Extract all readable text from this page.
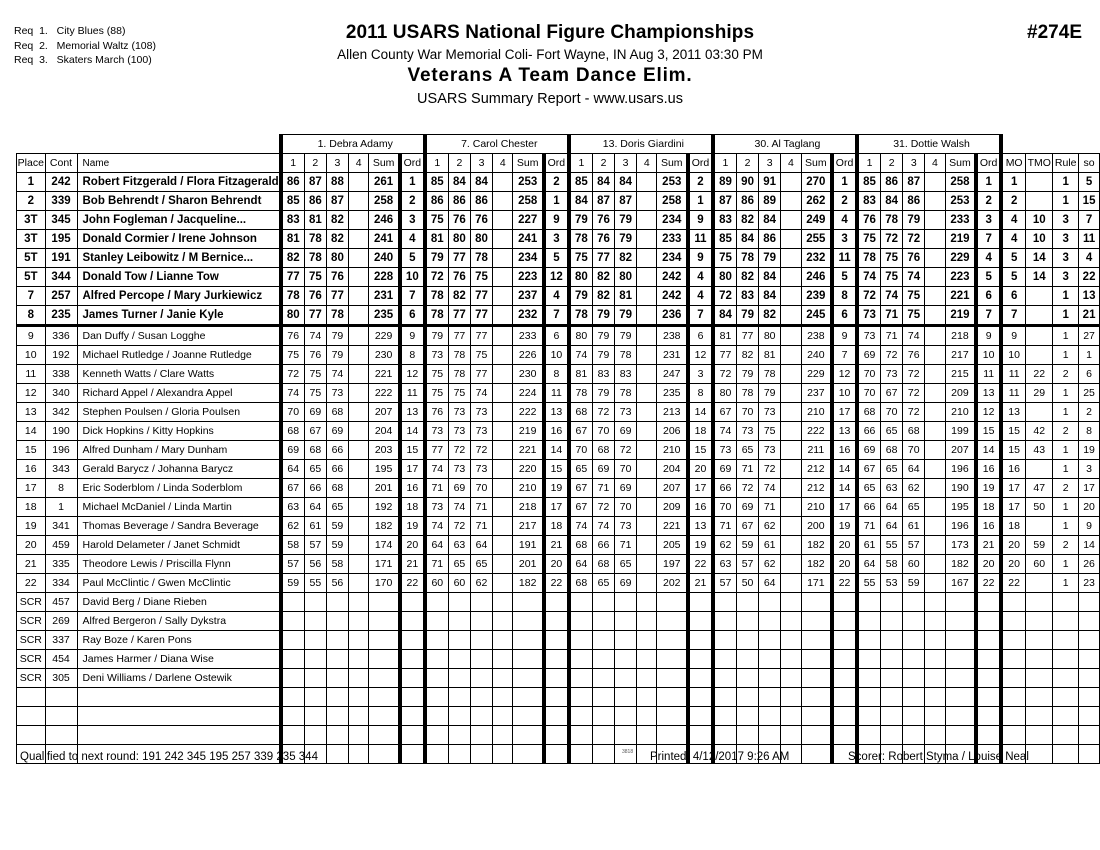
Req  1.   City Blues (88)
Req  2.   Memorial Waltz (108)
Req  3.   Skaters March (100)
2011 USARS National Figure Championships
Allen County War Memorial Coli- Fort Wayne, IN Aug 3, 2011 03:30 PM
Veterans A Team Dance Elim.
USARS Summary Report - www.usars.us
#274E
			1. Debra Adamy						7. Carol Chester						13. Doris Giardini						30. Al Taglang						31. Dottie Walsh									
Place	Cont	Name	1	2	3	4	Sum	Ord	1	2	3	4	Sum	Ord	1	2	3	4	Sum	Ord	1	2	3	4	Sum	Ord	1	2	3	4	Sum	Ord	MO	TMO	Rule	so
1	242	Robert Fitzgerald / Flora Fitzagerald	86	87	88		261	1	85	84	84		253	2	85	84	84		253	2	89	90	91		270	1	85	86	87		258	1	1		1	5
2	339	Bob Behrendt / Sharon Behrendt	85	86	87		258	2	86	86	86		258	1	84	87	87		258	1	87	86	89		262	2	83	84	86		253	2	2		1	15
3T	345	John Fogleman / Jacqueline...	83	81	82		246	3	75	76	76		227	9	79	76	79		234	9	83	82	84		249	4	76	78	79		233	3	4	10	3	7
3T	195	Donald Cormier / Irene Johnson	81	78	82		241	4	81	80	80		241	3	78	76	79		233	11	85	84	86		255	3	75	72	72		219	7	4	10	3	11
5T	191	Stanley Leibowitz / M Bernice...	82	78	80		240	5	79	77	78		234	5	75	77	82		234	9	75	78	79		232	11	78	75	76		229	4	5	14	3	4
5T	344	Donald Tow / Lianne Tow	77	75	76		228	10	72	76	75		223	12	80	82	80		242	4	80	82	84		246	5	74	75	74		223	5	5	14	3	22
7	257	Alfred Percope / Mary Jurkiewicz	78	76	77		231	7	78	82	77		237	4	79	82	81		242	4	72	83	84		239	8	72	74	75		221	6	6		1	13
8	235	James Turner / Janie Kyle	80	77	78		235	6	78	77	77		232	7	78	79	79		236	7	84	79	82		245	6	73	71	75		219	7	7		1	21
9	336	Dan Duffy / Susan Logghe	76	74	79		229	9	79	77	77		233	6	80	79	79		238	6	81	77	80		238	9	73	71	74		218	9	9		1	27
10	192	Michael Rutledge / Joanne Rutledge	75	76	79		230	8	73	78	75		226	10	74	79	78		231	12	77	82	81		240	7	69	72	76		217	10	10		1	1
11	338	Kenneth Watts / Clare Watts	72	75	74		221	12	75	78	77		230	8	81	83	83		247	3	72	79	78		229	12	70	73	72		215	11	11	22	2	6
12	340	Richard Appel / Alexandra Appel	74	75	73		222	11	75	75	74		224	11	78	79	78		235	8	80	78	79		237	10	70	67	72		209	13	11	29	1	25
13	342	Stephen Poulsen / Gloria Poulsen	70	69	68		207	13	76	73	73		222	13	68	72	73		213	14	67	70	73		210	17	68	70	72		210	12	13		1	2
14	190	Dick Hopkins / Kitty Hopkins	68	67	69		204	14	73	73	73		219	16	67	70	69		206	18	74	73	75		222	13	66	65	68		199	15	15	42	2	8
15	196	Alfred Dunham / Mary Dunham	69	68	66		203	15	77	72	72		221	14	70	68	72		210	15	73	65	73		211	16	69	68	70		207	14	15	43	1	19
16	343	Gerald Barycz / Johanna Barycz	64	65	66		195	17	74	73	73		220	15	65	69	70		204	20	69	71	72		212	14	67	65	64		196	16	16		1	3
17	8	Eric Soderblom / Linda Soderblom	67	66	68		201	16	71	69	70		210	19	67	71	69		207	17	66	72	74		212	14	65	63	62		190	19	17	47	2	17
18	1	Michael McDaniel / Linda Martin	63	64	65		192	18	73	74	71		218	17	67	72	70		209	16	70	69	71		210	17	66	64	65		195	18	17	50	1	20
19	341	Thomas Beverage / Sandra Beverage	62	61	59		182	19	74	72	71		217	18	74	74	73		221	13	71	67	62		200	19	71	64	61		196	16	18		1	9
20	459	Harold Delameter / Janet Schmidt	58	57	59		174	20	64	63	64		191	21	68	66	71		205	19	62	59	61		182	20	61	55	57		173	21	20	59	2	14
21	335	Theodore Lewis / Priscilla Flynn	57	56	58		171	21	71	65	65		201	20	64	68	65		197	22	63	57	62		182	20	64	58	60		182	20	20	60	1	26
22	334	Paul McClintic / Gwen McClintic	59	55	56		170	22	60	60	62		182	22	68	65	69		202	21	57	50	64		171	22	55	53	59		167	22	22		1	23
SCR	457	David Berg / Diane Rieben																																		
SCR	269	Alfred Bergeron / Sally Dykstra																																		
SCR	337	Ray Boze / Karen Pons																																		
SCR	454	James Harmer / Diana Wise																																		
SCR	305	Deni Williams / Darlene Ostewik																																		

Qualified to next round: 191 242 345 195 257 339 235 344	3818 Printed: 4/12/2017 9:26 AM	Scorer: Robert Styma / Louise Neal
